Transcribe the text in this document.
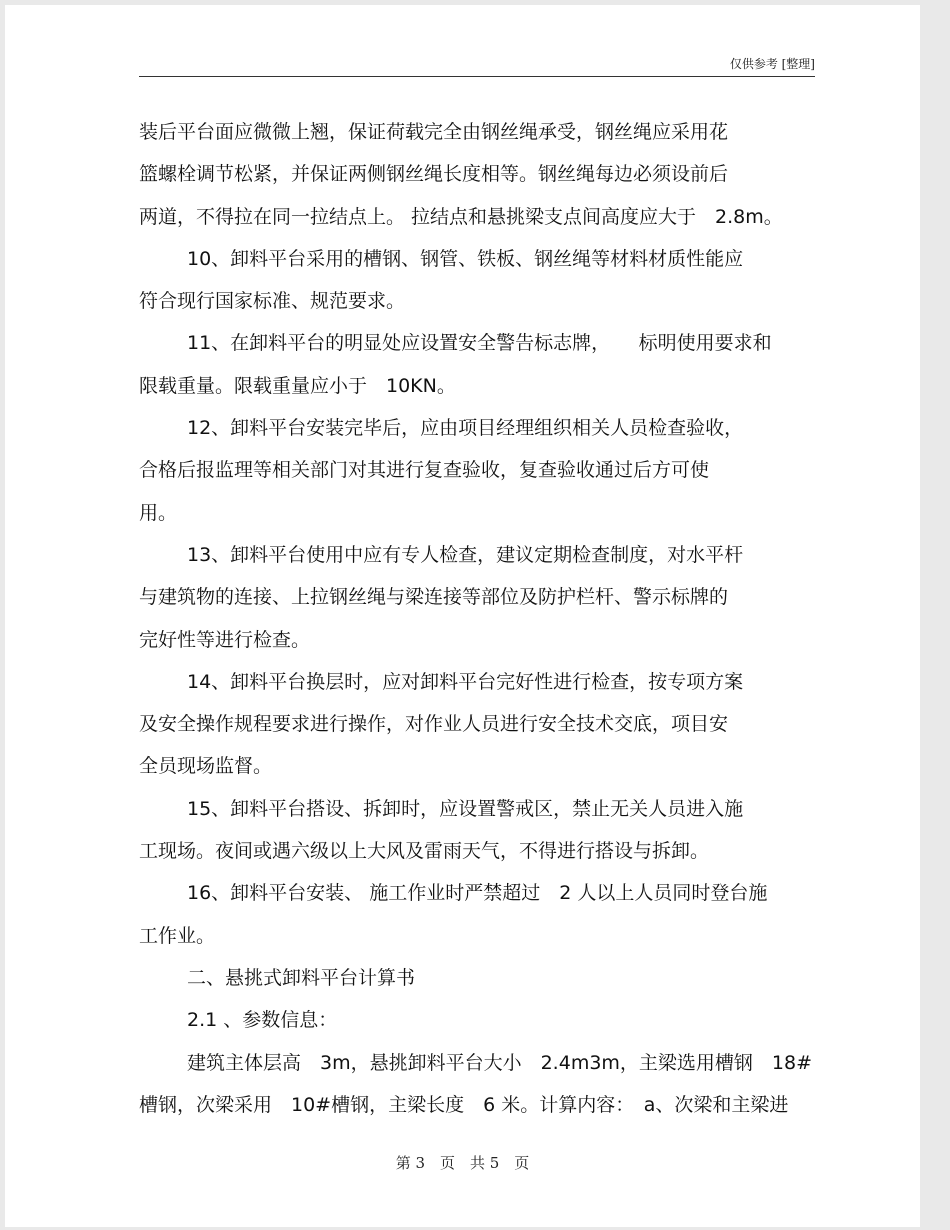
仅供参考 [整理]
装后平台面应微微上翘，保证荷载完全由钢丝绳承受，钢丝绳应采用花
篮螺栓调节松紧，并保证两侧钢丝绳长度相等。钢丝绳每边必须设前后
两道，不得拉在同一拉结点上。 拉结点和悬挑梁支点间高度应大于　2.8m。
10、卸料平台采用的槽钢、钢管、铁板、钢丝绳等材料材质性能应
符合现行国家标准、规范要求。
11、在卸料平台的明显处应设置安全警告标志牌，　　标明使用要求和
限载重量。限载重量应小于　10KN。
12、卸料平台安装完毕后，应由项目经理组织相关人员检查验收，
合格后报监理等相关部门对其进行复查验收，复查验收通过后方可使
用。
13、卸料平台使用中应有专人检查，建议定期检查制度，对水平杆
与建筑物的连接、上拉钢丝绳与梁连接等部位及防护栏杆、警示标牌的
完好性等进行检查。
14、卸料平台换层时，应对卸料平台完好性进行检查，按专项方案
及安全操作规程要求进行操作，对作业人员进行安全技术交底，项目安
全员现场监督。
15、卸料平台搭设、拆卸时，应设置警戒区，禁止无关人员进入施
工现场。夜间或遇六级以上大风及雷雨天气，不得进行搭设与拆卸。
16、卸料平台安装、 施工作业时严禁超过　2 人以上人员同时登台施
工作业。
二、悬挑式卸料平台计算书
2.1 、参数信息：
建筑主体层高　3m，悬挑卸料平台大小　2.4m3m，主梁选用槽钢　18#
槽钢，次梁采用　10#槽钢，主梁长度　6 米。计算内容：　a、次梁和主梁进
第 3　页　共 5　页
